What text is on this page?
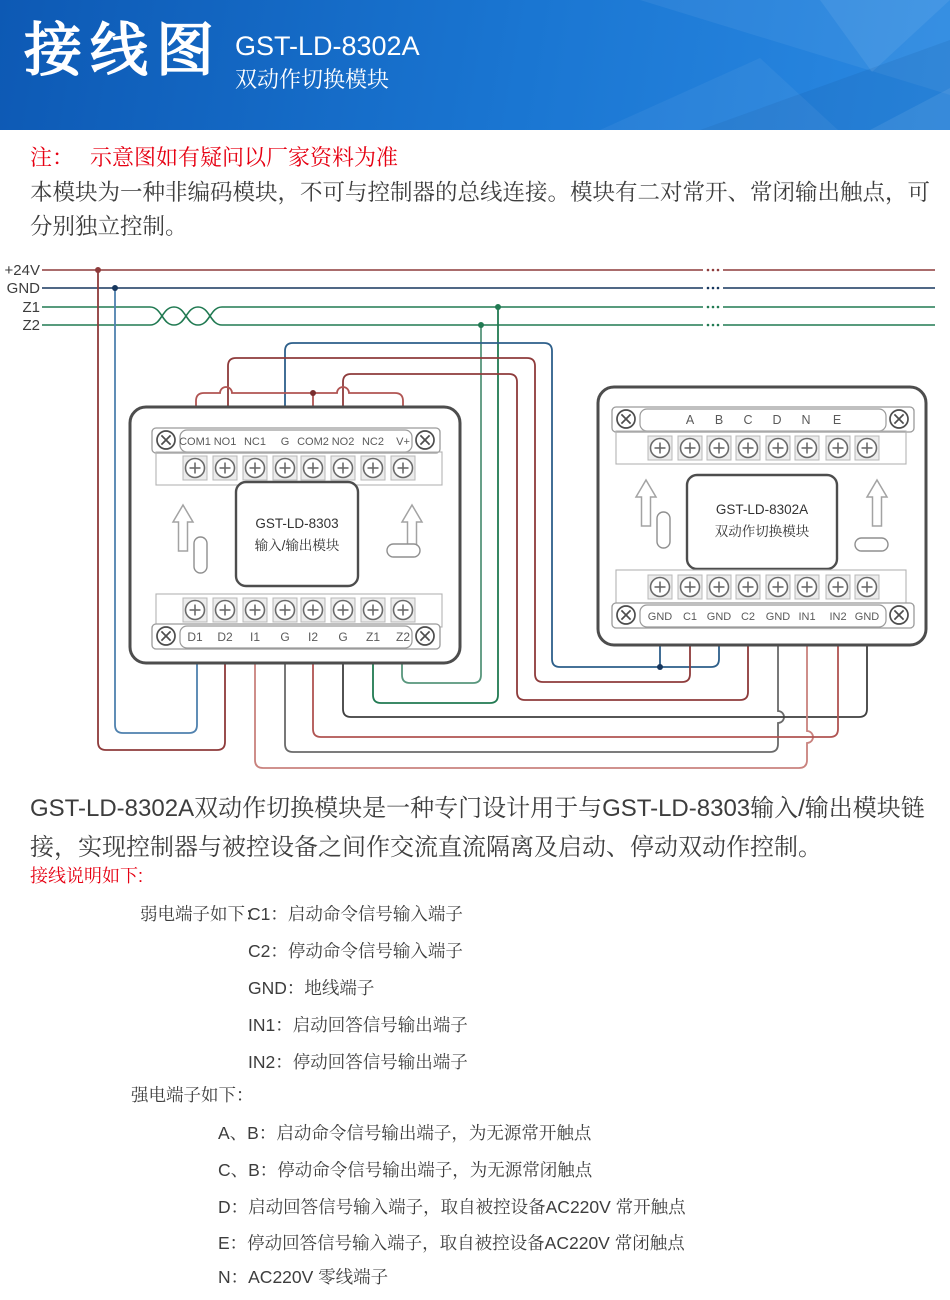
接线图 GST-LD-8302A
双动作切换模块
注： 示意图如有疑问以厂家资料为准
本模块为一种非编码模块，不可与控制器的总线连接。模块有二对常开、常闭输出触点，可分别独立控制。
+24V
GND
Z1
Z2
COM1 NO1 NC1 G COM2 NO2 NC2 V+
GST-LD-8303
输入/输出模块
D1 D2 I1 G I2 G Z1 Z2
A B C D N E
GST-LD-8302A
双动作切换模块
GND C1 GND C2 GND IN1 IN2 GND
GST-LD-8302A双动作切换模块是一种专门设计用于与GST-LD-8303输入/输出模块链接，实现控制器与被控设备之间作交流直流隔离及启动、停动双动作控制。
接线说明如下:
弱电端子如下：
C1：启动命令信号输入端子
C2：停动命令信号输入端子
GND：地线端子
IN1：启动回答信号输出端子
IN2：停动回答信号输出端子
强电端子如下：
A、B：启动命令信号输出端子，为无源常开触点
C、B：停动命令信号输出端子，为无源常闭触点
D：启动回答信号输入端子，取自被控设备AC220V 常开触点
E：停动回答信号输入端子，取自被控设备AC220V 常闭触点
N：AC220V 零线端子
